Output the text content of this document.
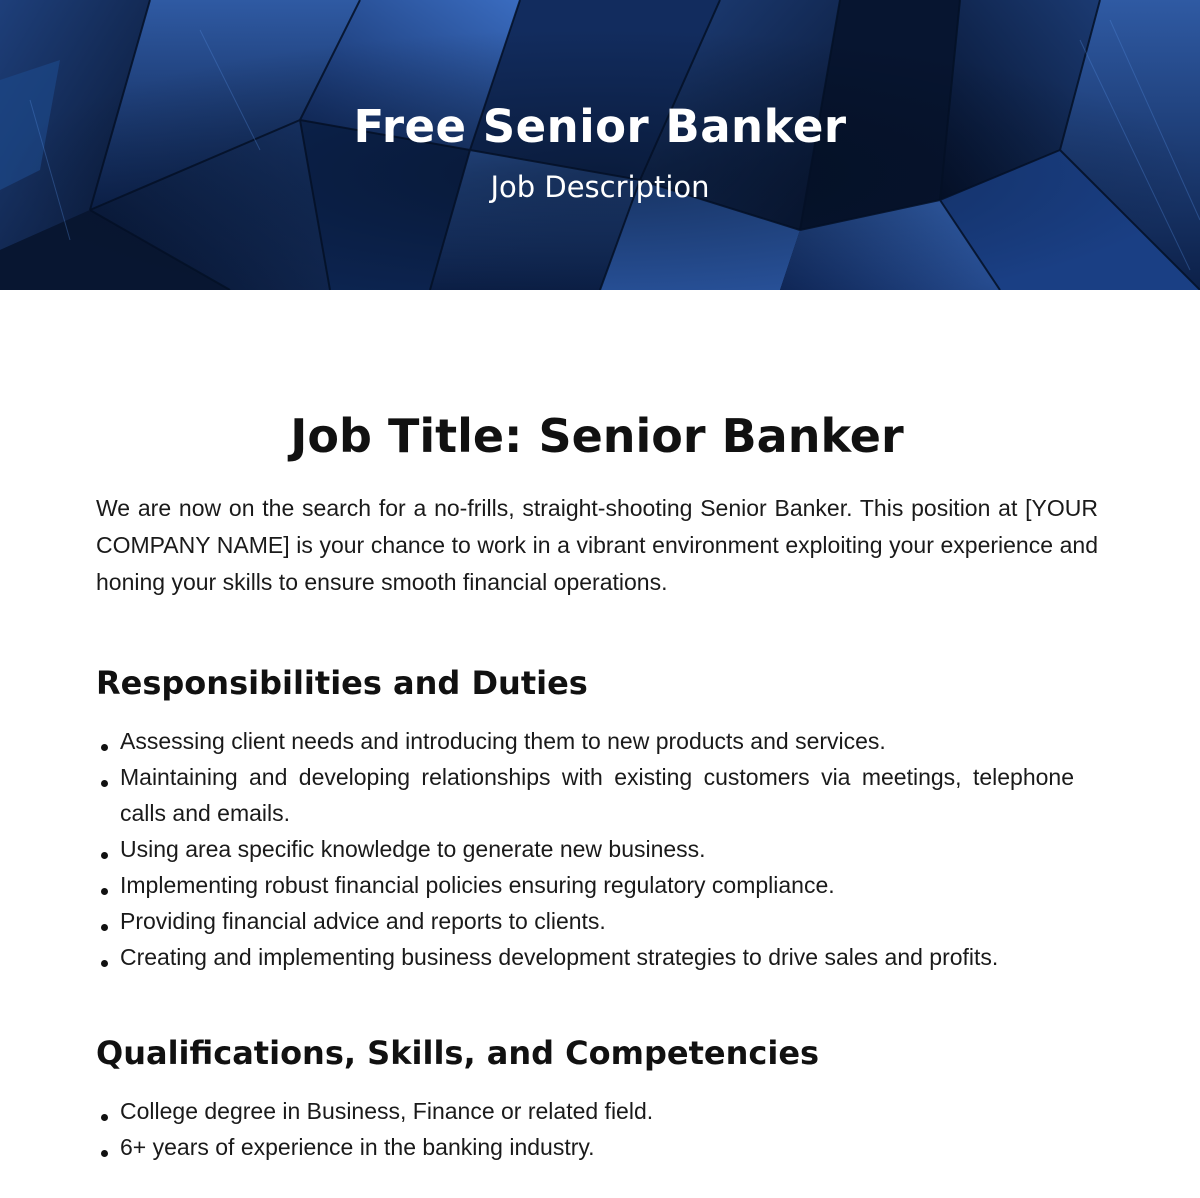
Free Senior Banker
Job Description
Job Title: Senior Banker

We are now on the search for a no-frills, straight-shooting Senior Banker. This position at [YOUR COMPANY NAME] is your chance to work in a vibrant environment exploiting your experience and honing your skills to ensure smooth financial operations.

Responsibilities and Duties
Assessing client needs and introducing them to new products and services.
Maintaining and developing relationships with existing customers via meetings, telephone calls and emails.
Using area specific knowledge to generate new business.
Implementing robust financial policies ensuring regulatory compliance.
Providing financial advice and reports to clients.
Creating and implementing business development strategies to drive sales and profits.
Qualifications, Skills, and Competencies
College degree in Business, Finance or related field.
6+ years of experience in the banking industry.
